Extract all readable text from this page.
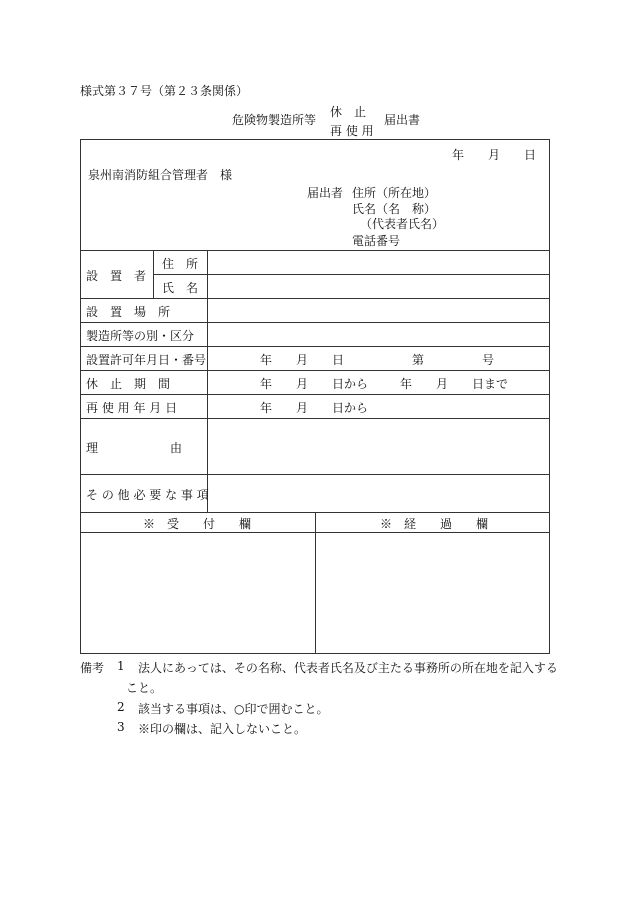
様式第３７号（第２３条関係）
危険物製造所等
休　止
再 使 用
届出書
年　　月　　日
泉州南消防組合管理者　様
届出者 住所（所在地）
氏名（名　称）
（代表者氏名）
電話番号
設　置　者
住　所
氏　名
設　置　場　所
製造所等の別・区分
設置許可年月日・番号	年　　月　　日	第	号
休　止　期　間	年　　月　　日から	年　　月　　日まで
再 使 用 年 月 日	年　　月　　日から
理　　　　　　由
そ の 他 必 要 な 事 項
※　受　　付　　欄	※　経　　過　　欄
備考 1 法人にあっては、その名称、代表者氏名及び主たる事務所の所在地を記入する
こと。
2 該当する事項は、○印で囲むこと。
3 ※印の欄は、記入しないこと。
